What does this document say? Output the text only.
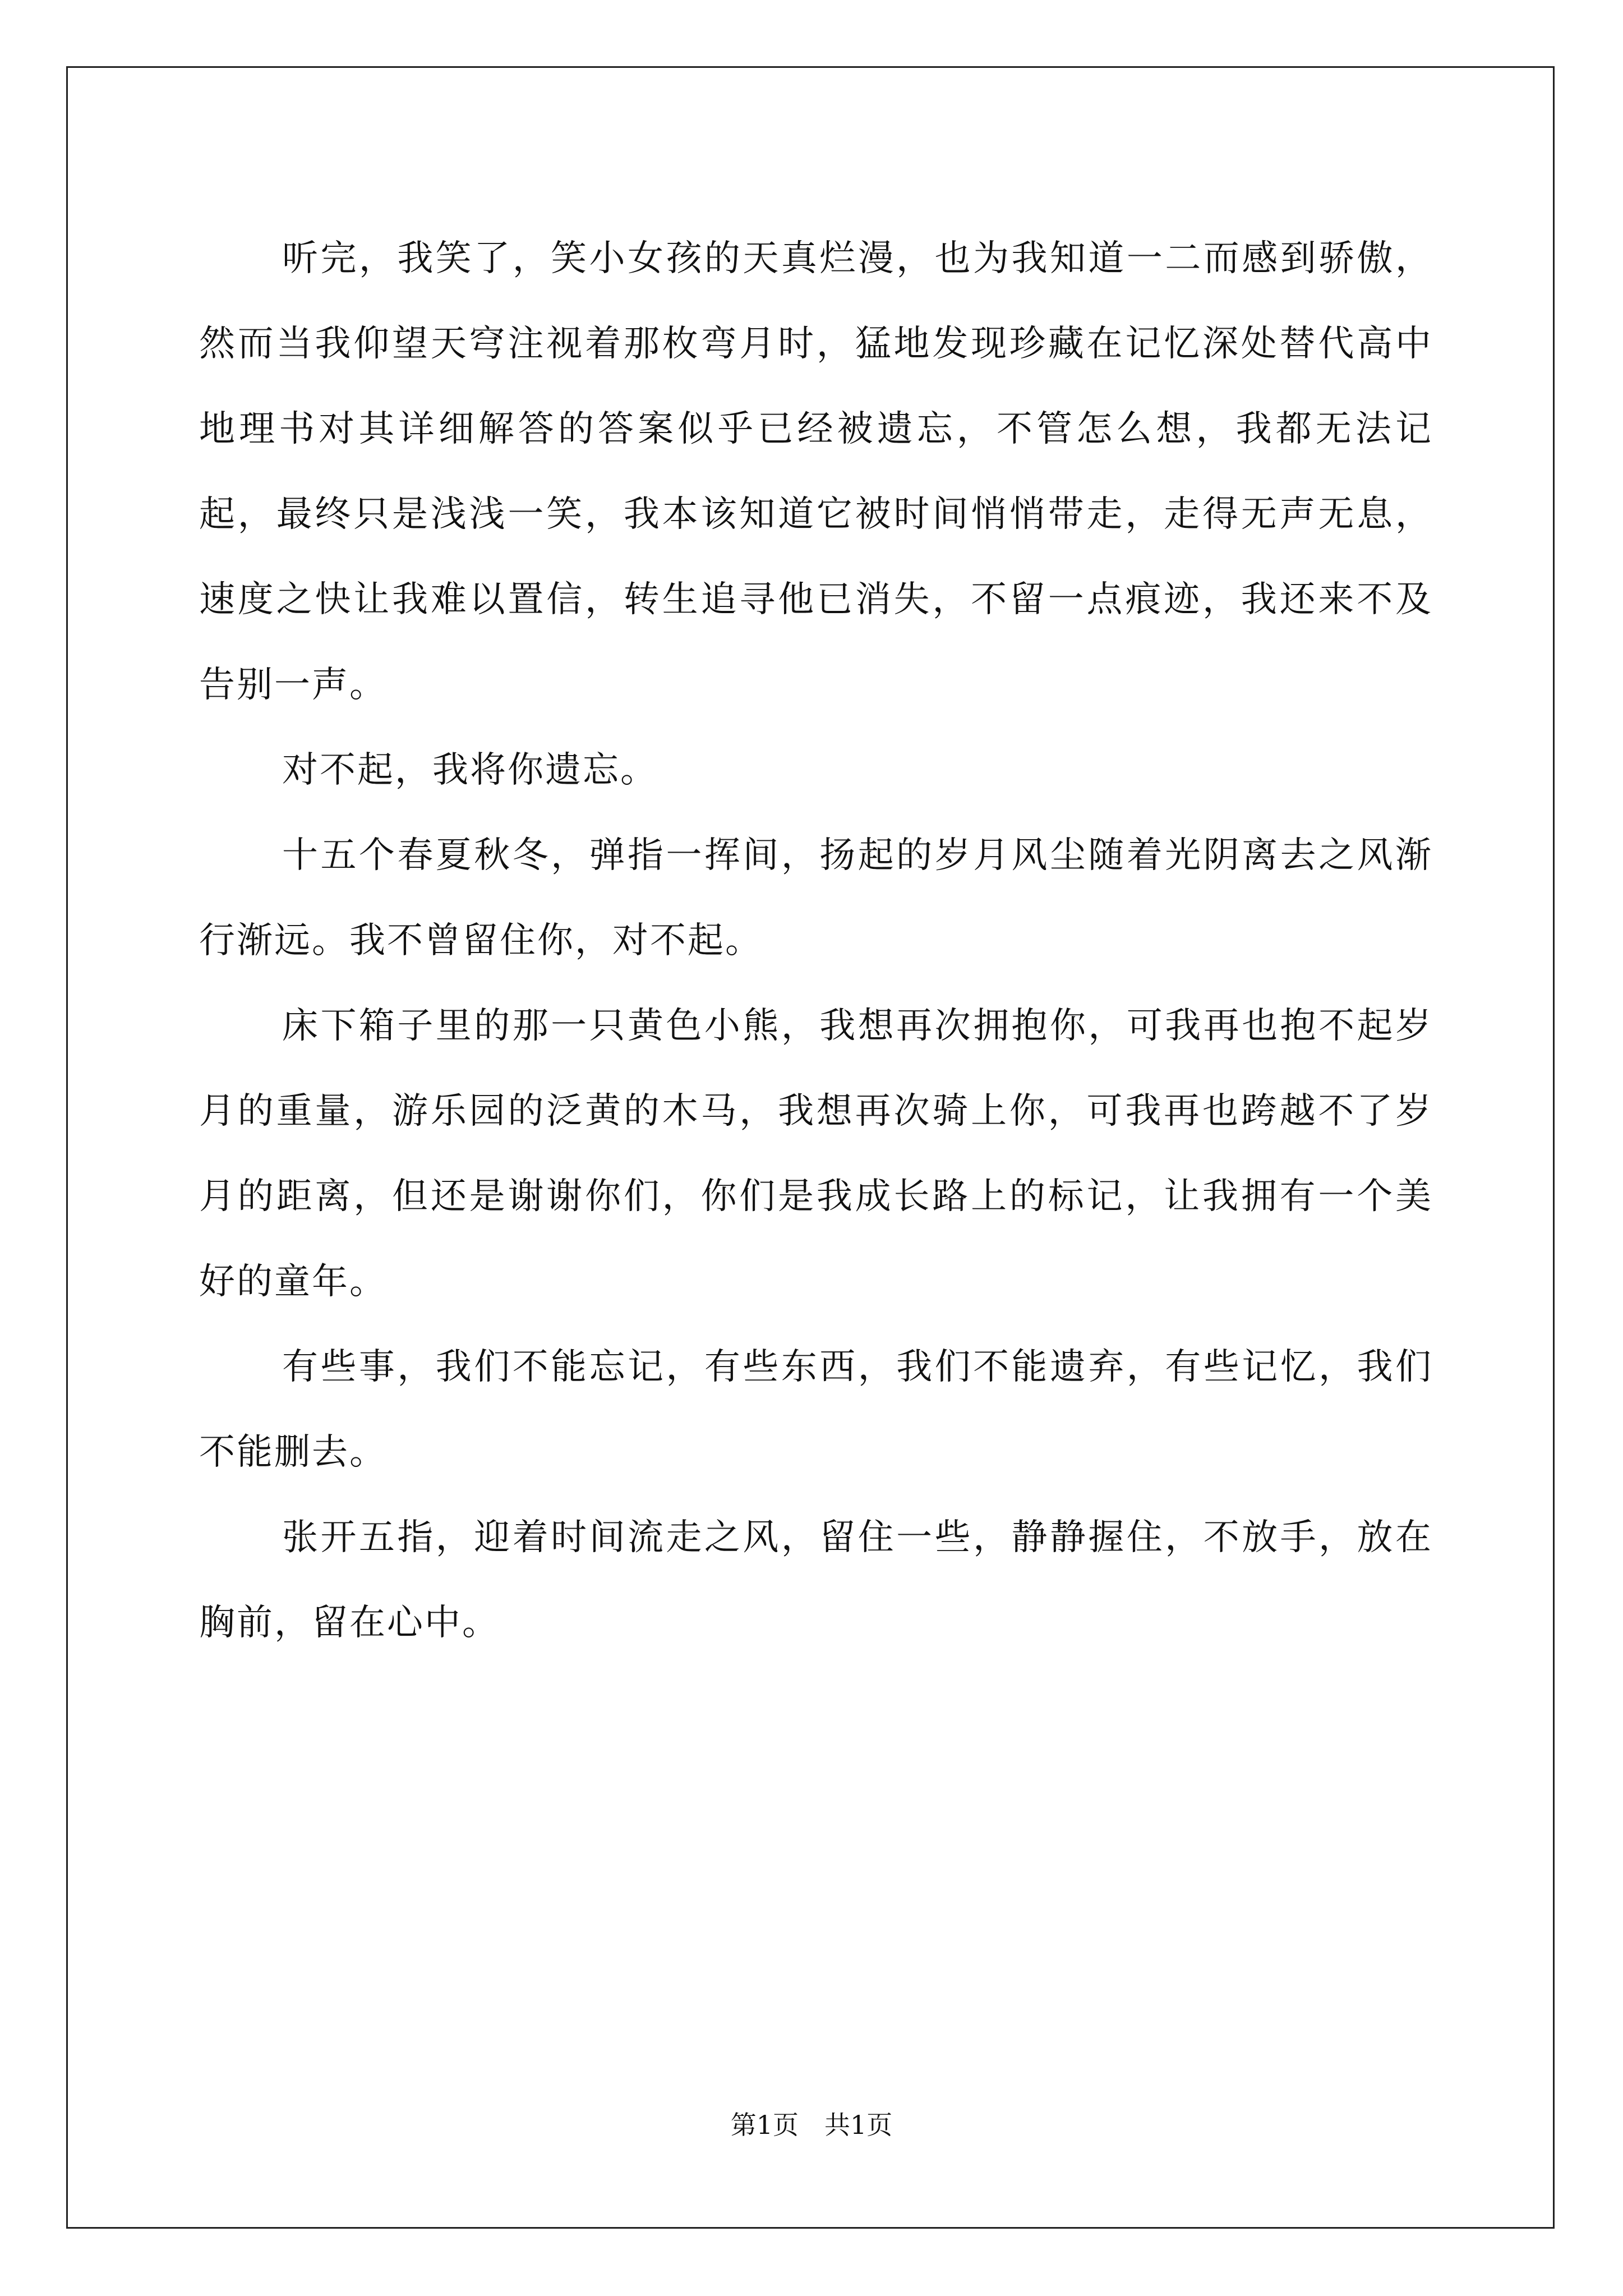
听完，我笑了，笑小女孩的天真烂漫，也为我知道一二而感到骄傲，然而当我仰望天穹注视着那枚弯月时，猛地发现珍藏在记忆深处替代高中地理书对其详细解答的答案似乎已经被遗忘，不管怎么想，我都无法记起，最终只是浅浅一笑，我本该知道它被时间悄悄带走，走得无声无息，速度之快让我难以置信，转生追寻他已消失，不留一点痕迹，我还来不及告别一声。

对不起，我将你遗忘。

十五个春夏秋冬，弹指一挥间，扬起的岁月风尘随着光阴离去之风渐行渐远。我不曾留住你，对不起。

床下箱子里的那一只黄色小熊，我想再次拥抱你，可我再也抱不起岁月的重量，游乐园的泛黄的木马，我想再次骑上你，可我再也跨越不了岁月的距离，但还是谢谢你们，你们是我成长路上的标记，让我拥有一个美好的童年。

有些事，我们不能忘记，有些东西，我们不能遗弃，有些记忆，我们不能删去。

张开五指，迎着时间流走之风，留住一些，静静握住，不放手，放在胸前，留在心中。

第1页　共1页
